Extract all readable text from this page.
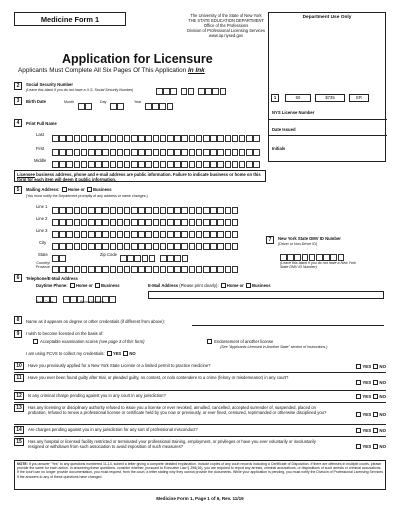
Medicine Form 1	The University of the State of New York
THE STATE EDUCATION DEPARTMENT
Office of the Professions
Division of Professional Licensing Services
www.op.nysed.gov
Application for Licensure
Applicants Must Complete All Six Pages Of This Application In Ink
Department Use Only
1	60	$735	ER
NYS License Number
Date Issued
Initials
2	Social Security Number
(Leave this blank if you do not have a U.S. Social Security Number)
3	Birth Date	Month	Day	Year
4	Print Full Name
Last
First
Middle
Licensee business address, phone and e-mail address are public information. Failure to indicate business or home on this form for each item will deem it public information.
5	Mailing Address: Home or Business
(You must notify the Department promptly of any address or name changes.)
Line 1
Line 2
Line 3
City
State	Zip Code
Country/ Province
7	New York State DMV ID Number
(Driver or Non-Driver ID)
(Leave this blank if you do not have a New York State DMV ID Number)
6	Telephone/E-Mail Address
Daytime Phone: Home or Business
Area Code	Phone Number
E-Mail Address (Please print clearly): Home or Business
8	Name as it appears on degree or other credentials (if different from above):
9	I wish to become licensed on the basis of:
Acceptable examination scores (see page 3 of this form)	Endorsement of another license
(See "Applicants Licensed in Another State" section of instructions.)
I am using FCVS to collect my credentials: YES NO
10	Have you previously applied for a New York State License or a limited permit to practice medicine?	YES NO
11	Have you ever been found guilty after trial, or pleaded guilty, no contest, or nolo contendere to a crime (felony or misdemeanor) in any court?
YES NO
12	Is any criminal charge pending against you in any court in any jurisdiction?	YES NO
13	Has any licensing or disciplinary authority refused to issue you a license or ever revoked, annulled, cancelled, accepted surrender of, suspended, placed on probation, refused to renew a professional license or certificate held by you now or previously, or ever fined, censured, reprimanded or otherwise disciplined you?	YES NO
14	Are charges pending against you in any jurisdiction for any sort of professional misconduct?	YES NO
15	Has any hospital or licensed facility restricted or terminated your professional training, employment, or privileges or have you ever voluntarily or involuntarily resigned or withdrawn from such association to avoid imposition of such measures?	YES NO
NOTE: If you answer "Yes" to any questions numbered 11-14, submit a letter giving a complete detailed explanation. Include copies of any court records including a Certificate of Disposition. If there are offenses in multiple courts, please provide the same for each action. In answering these questions, consider whether, pursuant to Executive Law § 296(16), you are required to report any arrests, criminal accusations, or dispositions of such arrests or criminal accusations. If the court can no longer provide documentation, you must request, from the court, a letter stating why they cannot provide the documents. While your application is pending, you must notify the Division of Professional Licensing Services if the answers to any of these questions have changed.
Medicine Form 1, Page 1 of 6, Rev. 11/19
